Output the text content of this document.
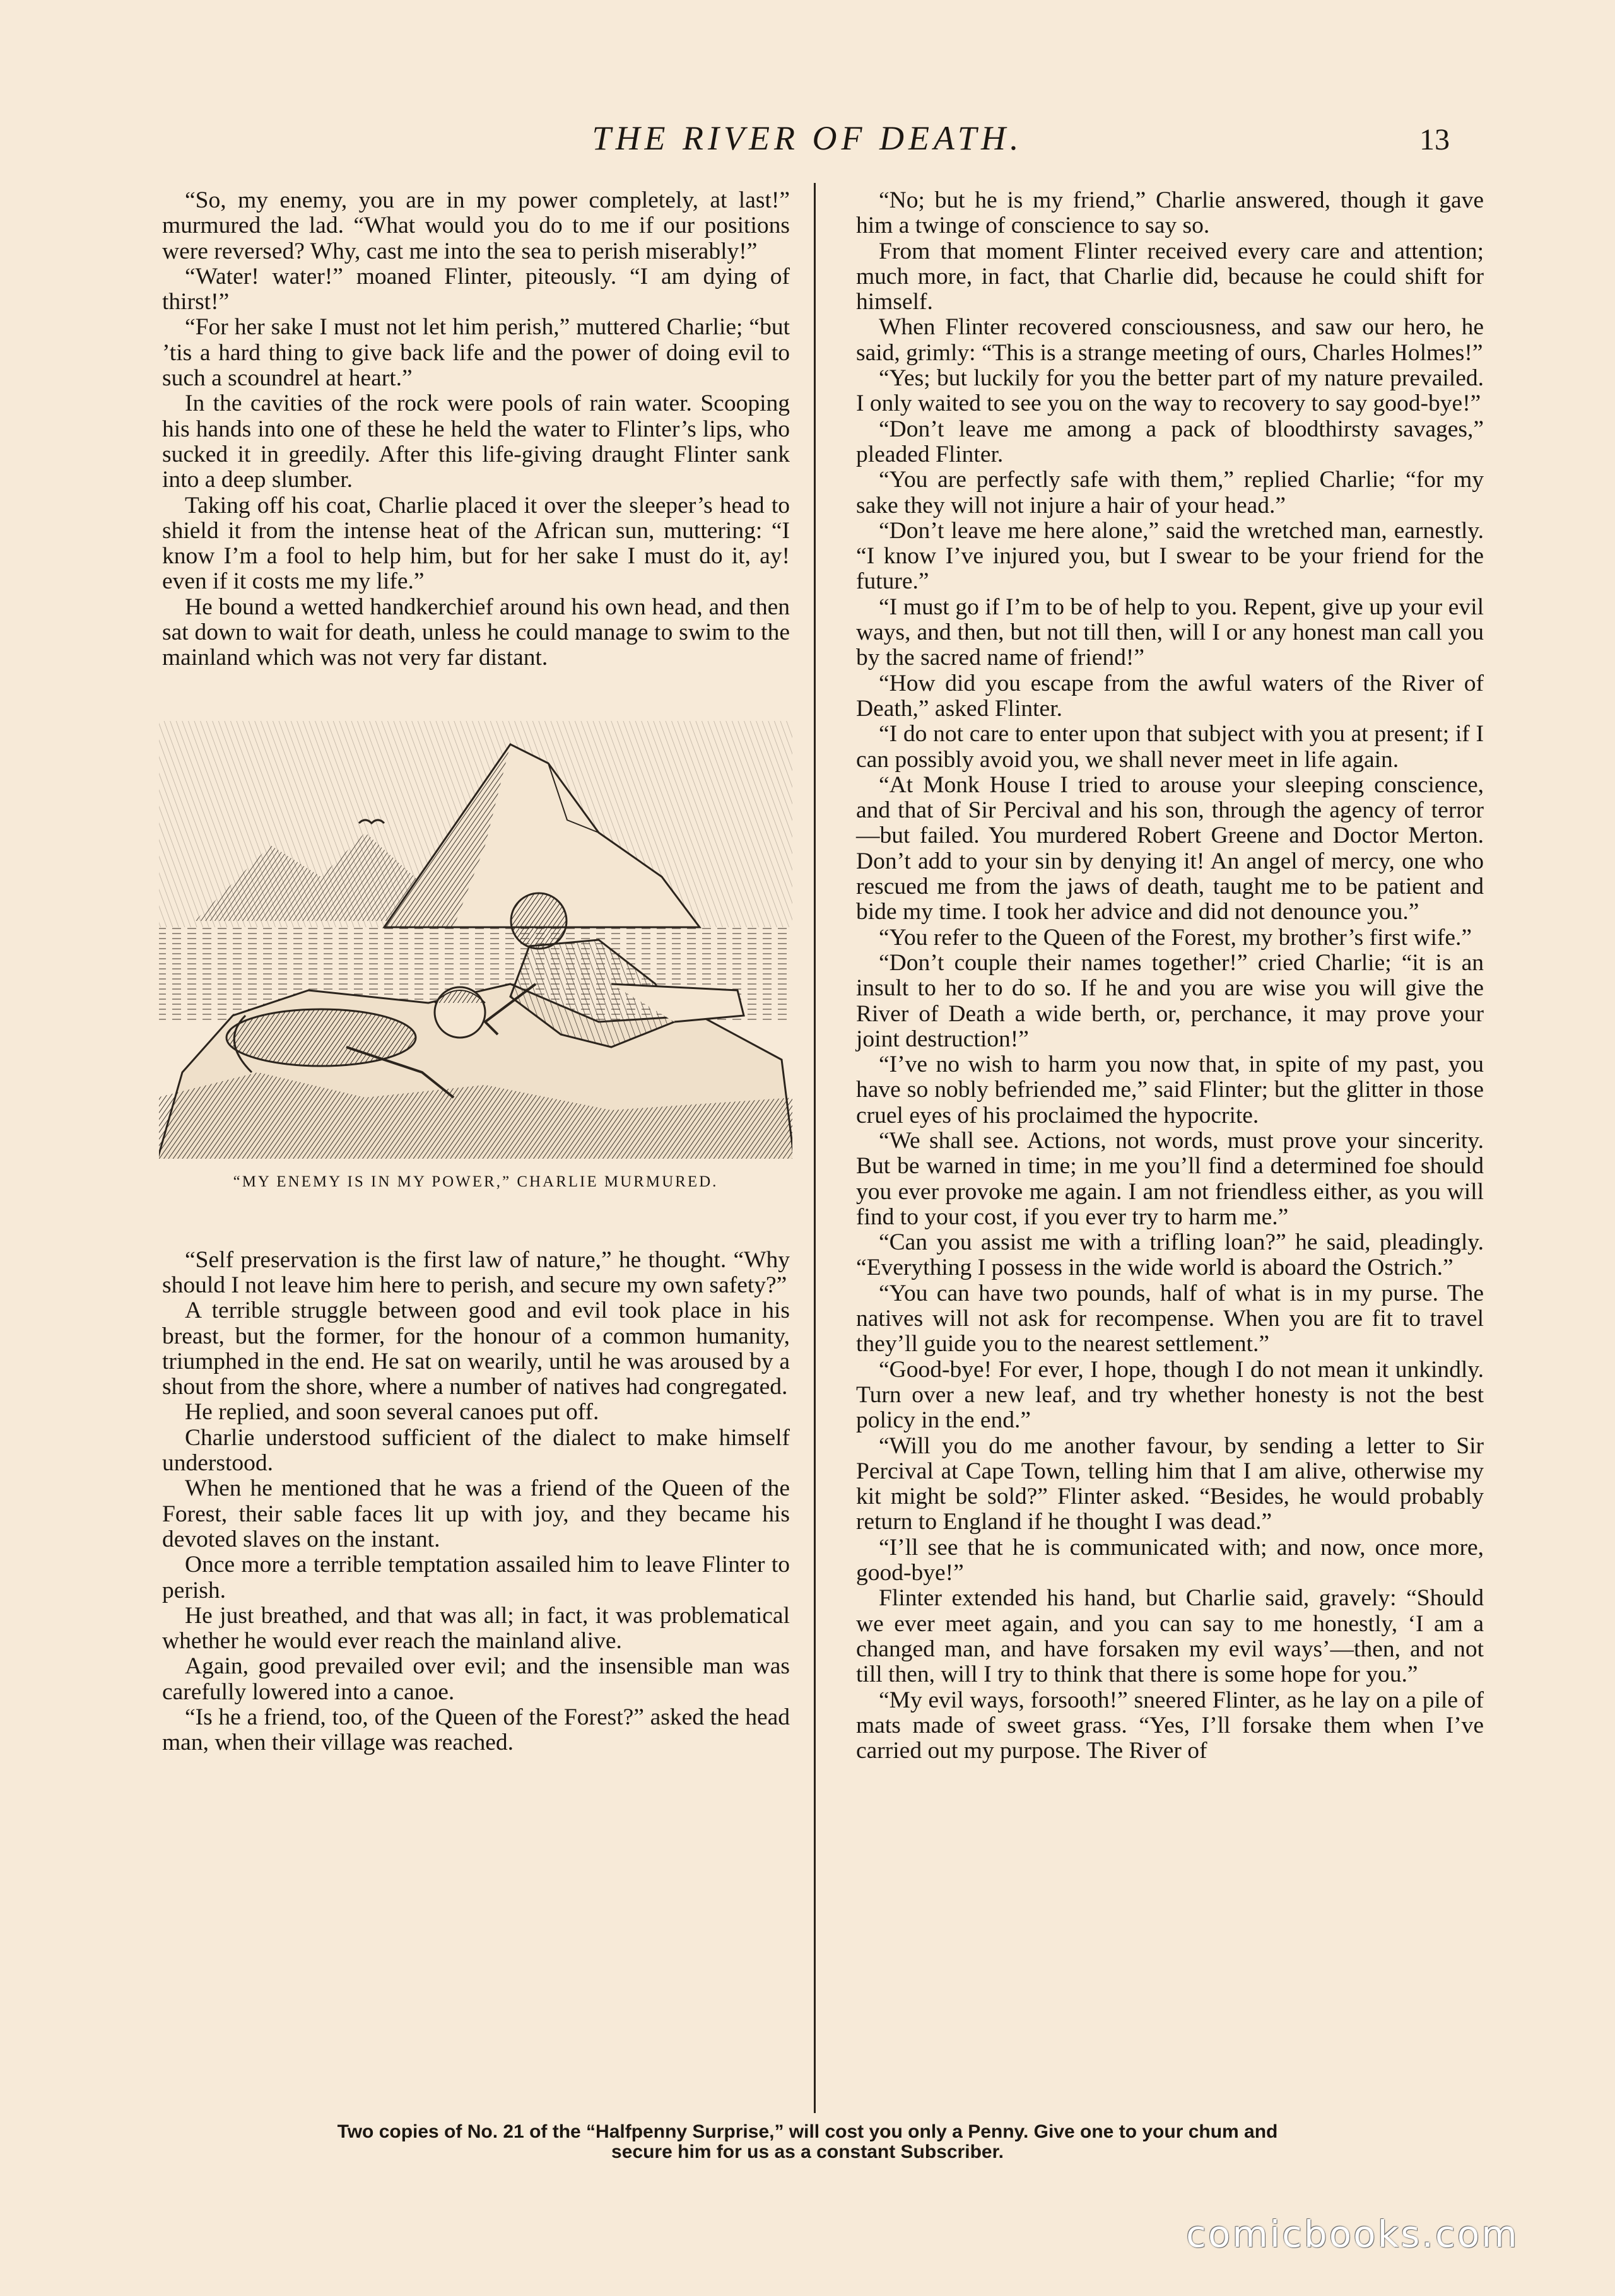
THE RIVER OF DEATH.	13

“So, my enemy, you are in my power completely, at last!” murmured the lad. “What would you do to me if our positions were reversed? Why, cast me into the sea to perish miserably!”

“Water! water!” moaned Flinter, piteously. “I am dying of thirst!”

“For her sake I must not let him perish,” muttered Charlie; “but ’tis a hard thing to give back life and the power of doing evil to such a scoundrel at heart.”

In the cavities of the rock were pools of rain water. Scooping his hands into one of these he held the water to Flinter’s lips, who sucked it in greedily. After this life-giving draught Flinter sank into a deep slumber.

Taking off his coat, Charlie placed it over the sleeper’s head to shield it from the intense heat of the African sun, muttering: “I know I’m a fool to help him, but for her sake I must do it, ay! even if it costs me my life.”

He bound a wetted handkerchief around his own head, and then sat down to wait for death, unless he could manage to swim to the mainland which was not very far distant.

“MY ENEMY IS IN MY POWER,” CHARLIE MURMURED.

“Self preservation is the first law of nature,” he thought. “Why should I not leave him here to perish, and secure my own safety?”

A terrible struggle between good and evil took place in his breast, but the former, for the honour of a common humanity, triumphed in the end. He sat on wearily, until he was aroused by a shout from the shore, where a number of natives had congregated.

He replied, and soon several canoes put off.

Charlie understood sufficient of the dialect to make himself understood.

When he mentioned that he was a friend of the Queen of the Forest, their sable faces lit up with joy, and they became his devoted slaves on the instant.

Once more a terrible temptation assailed him to leave Flinter to perish.

He just breathed, and that was all; in fact, it was problematical whether he would ever reach the mainland alive.

Again, good prevailed over evil; and the insensible man was carefully lowered into a canoe.

“Is he a friend, too, of the Queen of the Forest?” asked the head man, when their village was reached.

“No; but he is my friend,” Charlie answered, though it gave him a twinge of conscience to say so.

From that moment Flinter received every care and attention; much more, in fact, that Charlie did, because he could shift for himself.

When Flinter recovered consciousness, and saw our hero, he said, grimly: “This is a strange meeting of ours, Charles Holmes!”

“Yes; but luckily for you the better part of my nature prevailed. I only waited to see you on the way to recovery to say good-bye!”

“Don’t leave me among a pack of bloodthirsty savages,” pleaded Flinter.

“You are perfectly safe with them,” replied Charlie; “for my sake they will not injure a hair of your head.”

“Don’t leave me here alone,” said the wretched man, earnestly. “I know I’ve injured you, but I swear to be your friend for the future.”

“I must go if I’m to be of help to you. Repent, give up your evil ways, and then, but not till then, will I or any honest man call you by the sacred name of friend!”

“How did you escape from the awful waters of the River of Death,” asked Flinter.

“I do not care to enter upon that subject with you at present; if I can possibly avoid you, we shall never meet in life again.

“At Monk House I tried to arouse your sleeping conscience, and that of Sir Percival and his son, through the agency of terror—but failed. You murdered Robert Greene and Doctor Merton. Don’t add to your sin by denying it! An angel of mercy, one who rescued me from the jaws of death, taught me to be patient and bide my time. I took her advice and did not denounce you.”

“You refer to the Queen of the Forest, my brother’s first wife.”

“Don’t couple their names together!” cried Charlie; “it is an insult to her to do so. If he and you are wise you will give the River of Death a wide berth, or, perchance, it may prove your joint destruction!”

“I’ve no wish to harm you now that, in spite of my past, you have so nobly befriended me,” said Flinter; but the glitter in those cruel eyes of his proclaimed the hypocrite.

“We shall see. Actions, not words, must prove your sincerity. But be warned in time; in me you’ll find a determined foe should you ever provoke me again. I am not friendless either, as you will find to your cost, if you ever try to harm me.”

“Can you assist me with a trifling loan?” he said, pleadingly. “Everything I possess in the wide world is aboard the Ostrich.”

“You can have two pounds, half of what is in my purse. The natives will not ask for recompense. When you are fit to travel they’ll guide you to the nearest settlement.”

“Good-bye! For ever, I hope, though I do not mean it unkindly. Turn over a new leaf, and try whether honesty is not the best policy in the end.”

“Will you do me another favour, by sending a letter to Sir Percival at Cape Town, telling him that I am alive, otherwise my kit might be sold?” Flinter asked. “Besides, he would probably return to England if he thought I was dead.”

“I’ll see that he is communicated with; and now, once more, good-bye!”

Flinter extended his hand, but Charlie said, gravely: “Should we ever meet again, and you can say to me honestly, ‘I am a changed man, and have forsaken my evil ways’—then, and not till then, will I try to think that there is some hope for you.”

“My evil ways, forsooth!” sneered Flinter, as he lay on a pile of mats made of sweet grass. “Yes, I’ll forsake them when I’ve carried out my purpose. The River of

Two copies of No. 21 of the “Halfpenny Surprise,” will cost you only a Penny. Give one to your chum and
secure him for us as a constant Subscriber.
comicbooks.com
